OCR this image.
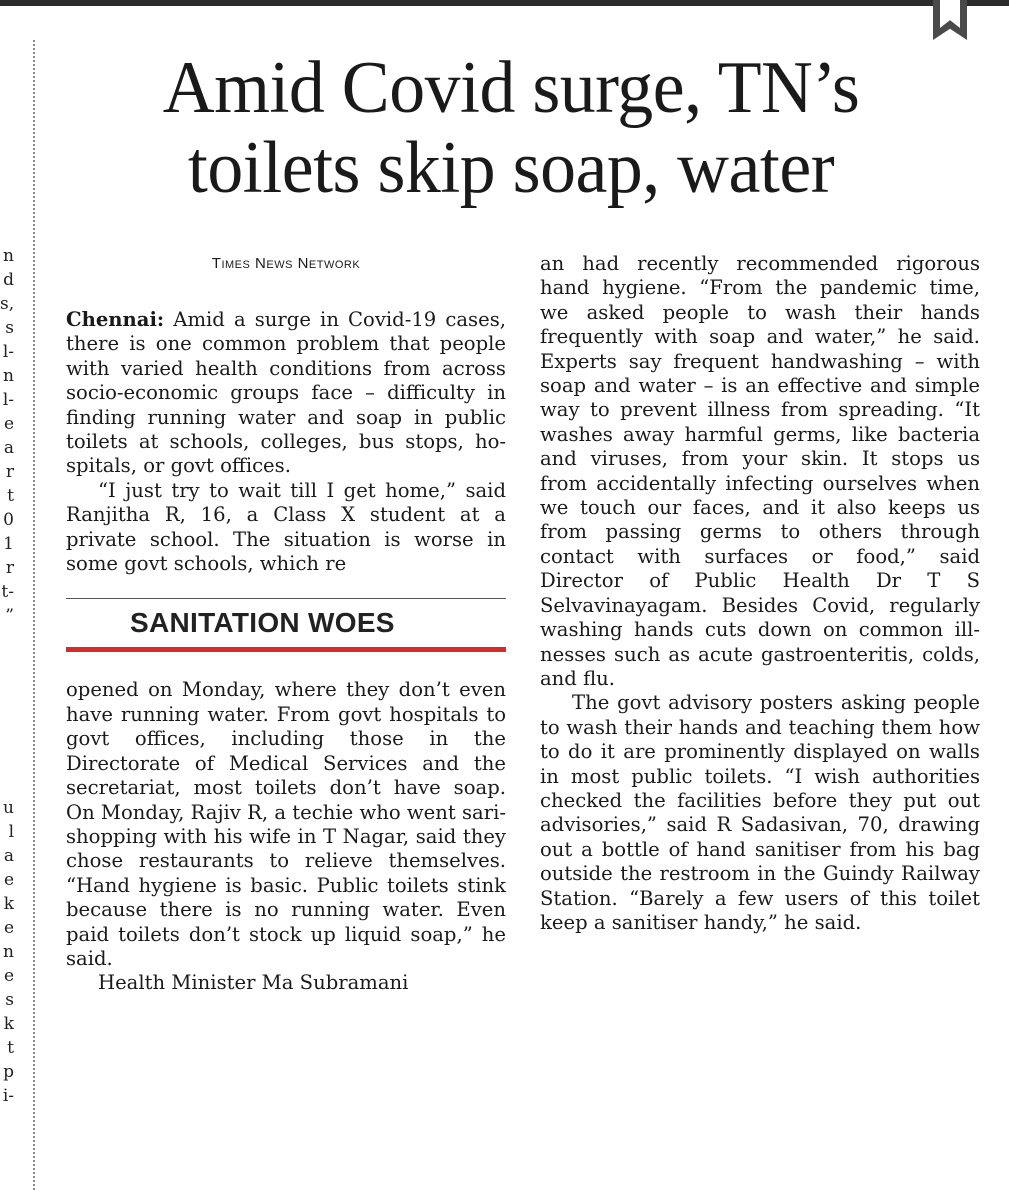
n
d
s,
s
l-
n
l-
e
a
r
t
0
1
r
t-
”
u
l
a
e
k
e
n
e
s
k
t
p
i-
Amid Covid surge, TN’s
toilets skip soap, water
Times News Network

Chennai: Amid a surge in Covid-19 cases, there is one common problem that people with varied health conditions from across socio-economic groups face – difficulty in finding running water and soap in public toilets at schools, colleges, bus stops, hospitals, or govt offices.

“I just try to wait till I get home,” said Ranjitha R, 16, a Class X student at a private school. The situation is worse in some govt schools, which re

SANITATION WOES

opened on Monday, where they don’t even have running water. From govt hospitals to govt offices, including those in the Directorate of Medical Services and the secretariat, most toilets don’t have soap. On Monday, Rajiv R, a techie who went sari-shopping with his wife in T Nagar, said they chose restaurants to relieve themselves. “Hand hygiene is basic. Public toilets stink because there is no running water. Even paid toilets don’t stock up liquid soap,” he said.

Health Minister Ma Subramani

an had recently recommended rigorous hand hygiene. “From the pandemic time, we asked people to wash their hands frequently with soap and water,” he said. Experts say frequent handwashing – with soap and water – is an effective and simple way to prevent illness from spreading. “It washes away harmful germs, like bacteria and viruses, from your skin. It stops us from accidentally infecting ourselves when we touch our faces, and it also keeps us from passing germs to others through contact with surfaces or food,” said Director of Public Health Dr T S Selvavinayagam. Besides Covid, regularly washing hands cuts down on common illnesses such as acute gastroenteritis, colds, and flu.

The govt advisory posters asking people to wash their hands and teaching them how to do it are prominently displayed on walls in most public toilets. “I wish authorities checked the facilities before they put out advisories,” said R Sadasivan, 70, drawing out a bottle of hand sanitiser from his bag outside the restroom in the Guindy Railway Station. “Barely a few users of this toilet keep a sanitiser handy,” he said.
